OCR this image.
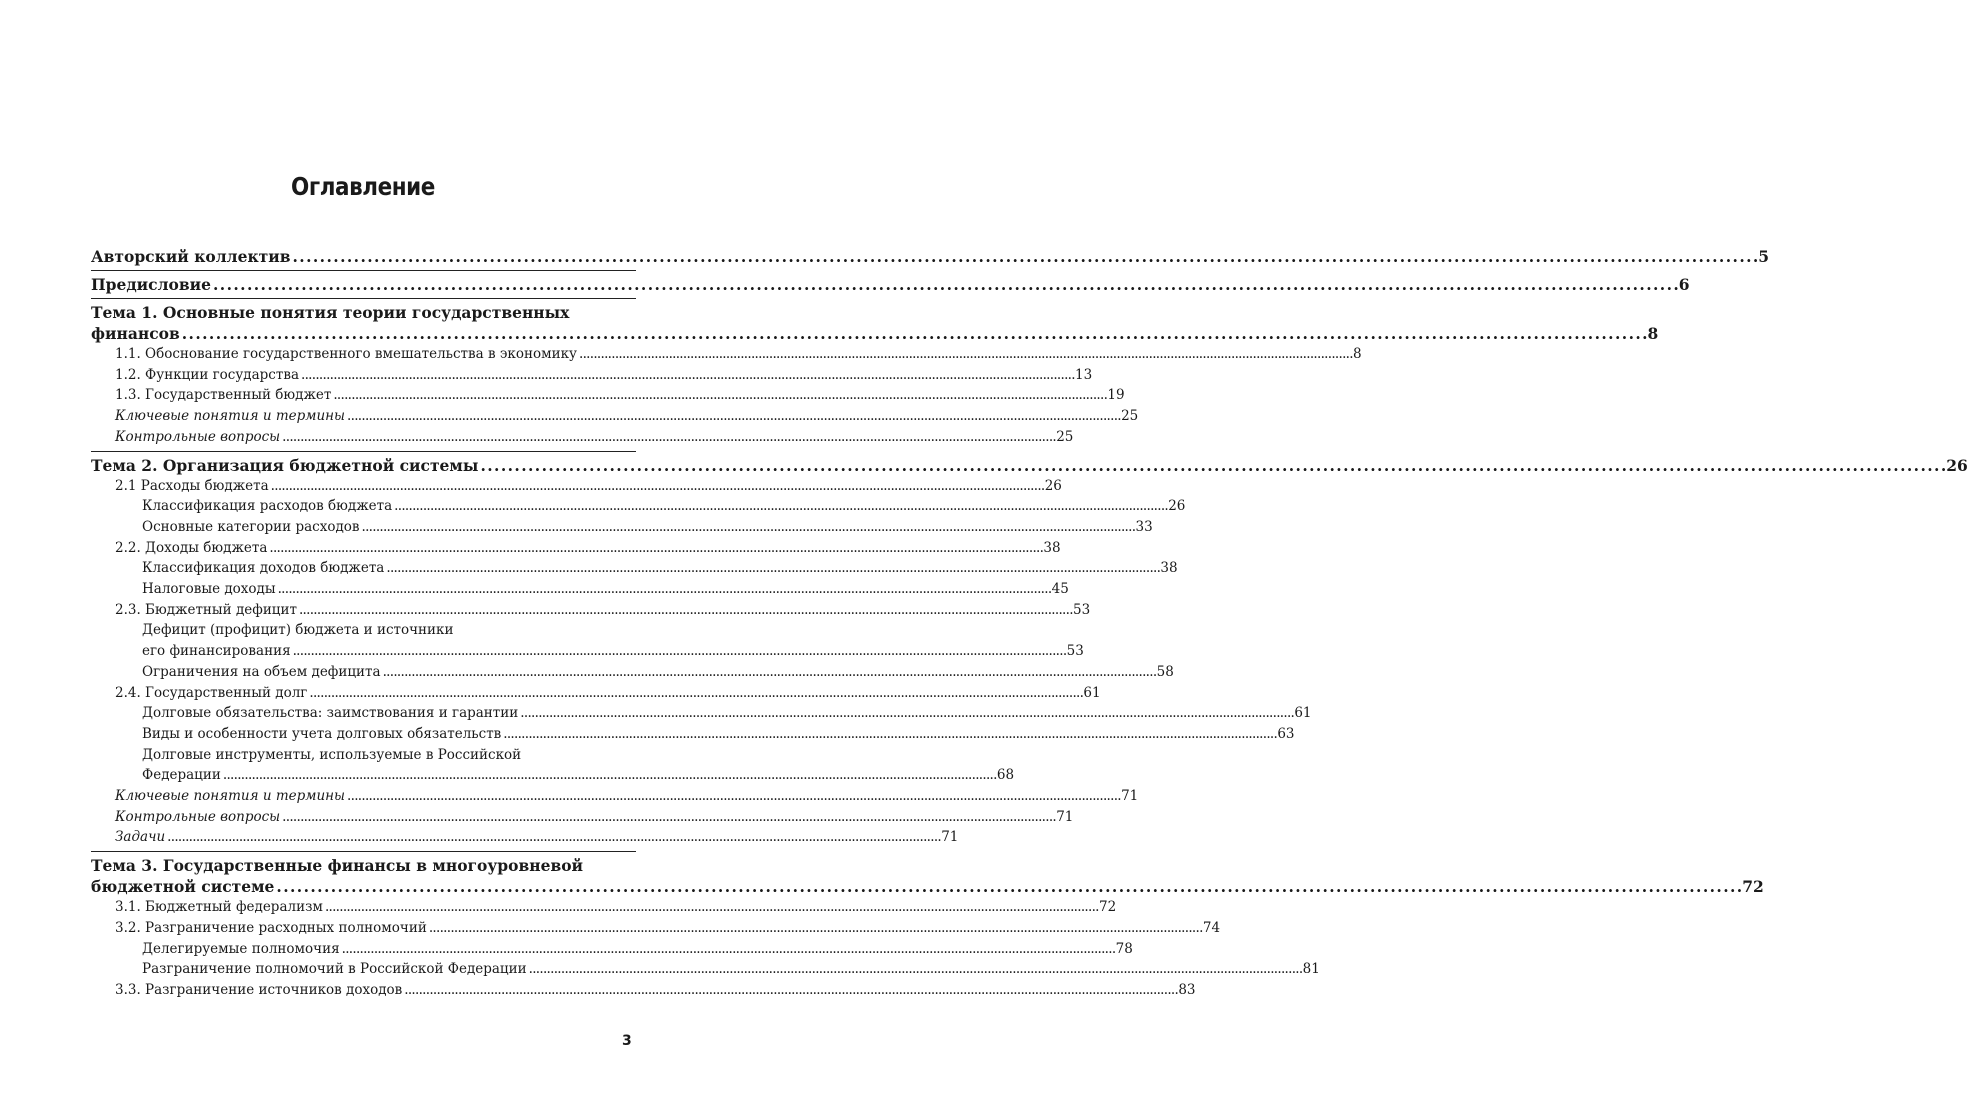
Оглавление
Авторский коллектив . . .	5
Предисловие . . .	6
Тема 1. Основные понятия теории государственных
финансов . . .	8
1.1. Обоснование государственного вмешательства в экономику . . .	8
1.2. Функции государства . . .	13
1.3. Государственный бюджет . . .	19
Ключевые понятия и термины . . .	25
Контрольные вопросы . . .	25
Тема 2. Организация бюджетной системы . . .	26
2.1 Расходы бюджета . . .	26
Классификация расходов бюджета . . .	26
Основные категории расходов . . .	33
2.2. Доходы бюджета . . .	38
Классификация доходов бюджета . . .	38
Налоговые доходы . . .	45
2.3. Бюджетный дефицит . . .	53
Дефицит (профицит) бюджета и источники
его финансирования . . .	53
Ограничения на объем дефицита . . .	58
2.4. Государственный долг . . .	61
Долговые обязательства: заимствования и гарантии . . .	61
Виды и особенности учета долговых обязательств . . .	63
Долговые инструменты, используемые в Российской
Федерации . . .	68
Ключевые понятия и термины . . .	71
Контрольные вопросы . . .	71
Задачи . . .	71
Тема 3. Государственные финансы в многоуровневой
бюджетной системе . . .	72
3.1. Бюджетный федерализм . . .	72
3.2. Разграничение расходных полномочий . . .	74
Делегируемые полномочия . . .	78
Разграничение полномочий в Российской Федерации . . .	81
3.3. Разграничение источников доходов . . .	83
3
